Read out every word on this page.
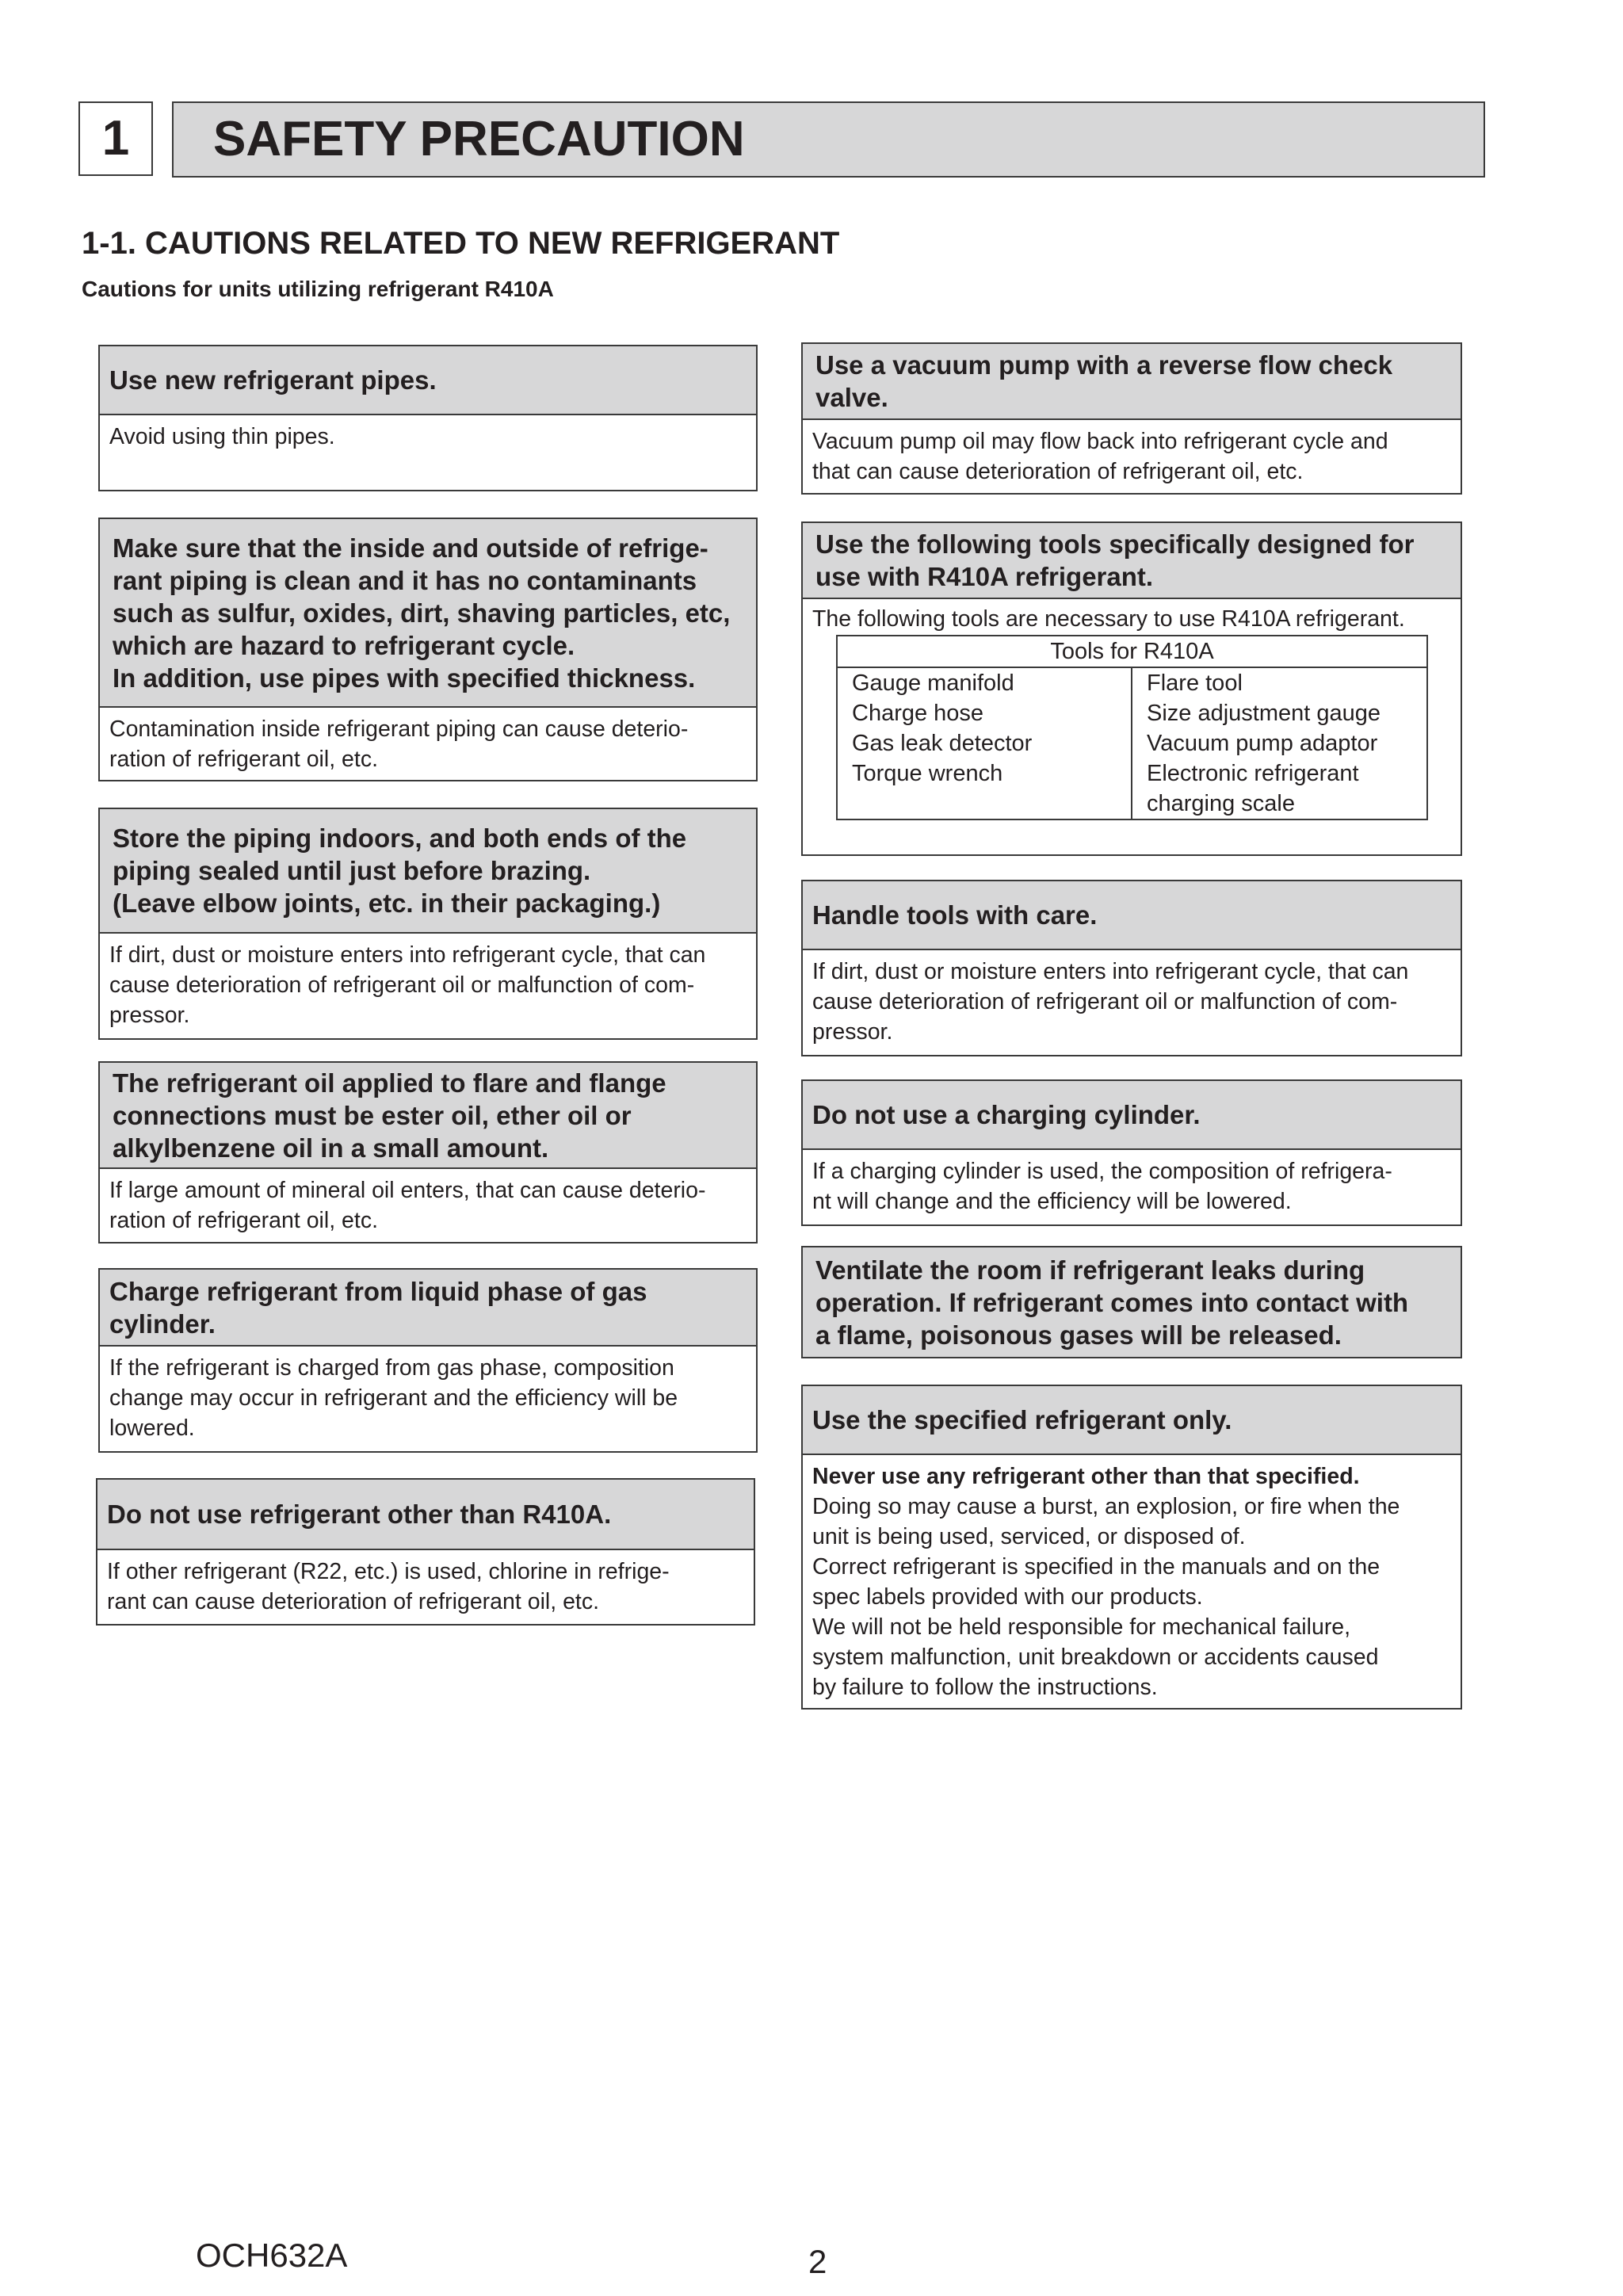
1	SAFETY PRECAUTION
1-1. CAUTIONS RELATED TO NEW REFRIGERANT
Cautions for units utilizing refrigerant R410A
Use new refrigerant pipes.
Avoid using thin pipes.
Make sure that the inside and outside of refrige-
rant piping is clean and it has no contaminants
such as sulfur, oxides, dirt, shaving particles, etc,
which are hazard to refrigerant cycle.
In addition, use pipes with specified thickness.
Contamination inside refrigerant piping can cause deterio-
ration of refrigerant oil, etc.
Store the piping indoors, and both ends of the
piping sealed until just before brazing.
(Leave elbow joints, etc. in their packaging.)
If dirt, dust or moisture enters into refrigerant cycle, that can
cause deterioration of refrigerant oil or malfunction of com-
pressor.
The refrigerant oil applied to flare and flange
connections must be ester oil, ether oil or
alkylbenzene oil in a small amount.
If large amount of mineral oil enters, that can cause deterio-
ration of refrigerant oil, etc.
Charge refrigerant from liquid phase of gas
cylinder.
If the refrigerant is charged from gas phase, composition
change may occur in refrigerant and the efficiency will be
lowered.
Do not use refrigerant other than R410A.
If other refrigerant (R22, etc.) is used, chlorine in refrige-
rant can cause deterioration of refrigerant oil, etc.
Use a vacuum pump with a reverse flow check
valve.
Vacuum pump oil may flow back into refrigerant cycle and
that can cause deterioration of refrigerant oil, etc.
Use the following tools specifically designed for
use with R410A refrigerant.
The following tools are necessary to use R410A refrigerant.
Tools for R410A	
Gauge manifold	Flare tool
Charge hose	Size adjustment gauge
Gas leak detector	Vacuum pump adaptor
Torque wrench	Electronic refrigerant
charging scale
Handle tools with care.
If dirt, dust or moisture enters into refrigerant cycle, that can
cause deterioration of refrigerant oil or malfunction of com-
pressor.
Do not use a charging cylinder.
If a charging cylinder is used, the composition of refrigera-
nt will change and the efficiency will be lowered.
Ventilate the room if refrigerant leaks during
operation. If refrigerant comes into contact with
a flame, poisonous gases will be released.
Use the specified refrigerant only.
Never use any refrigerant other than that specified.
Doing so may cause a burst, an explosion, or fire when the
unit is being used, serviced, or disposed of.
Correct refrigerant is specified in the manuals and on the
spec labels provided with our products.
We will not be held responsible for mechanical failure,
system malfunction, unit breakdown or accidents caused
by failure to follow the instructions.
OCH632A	2
